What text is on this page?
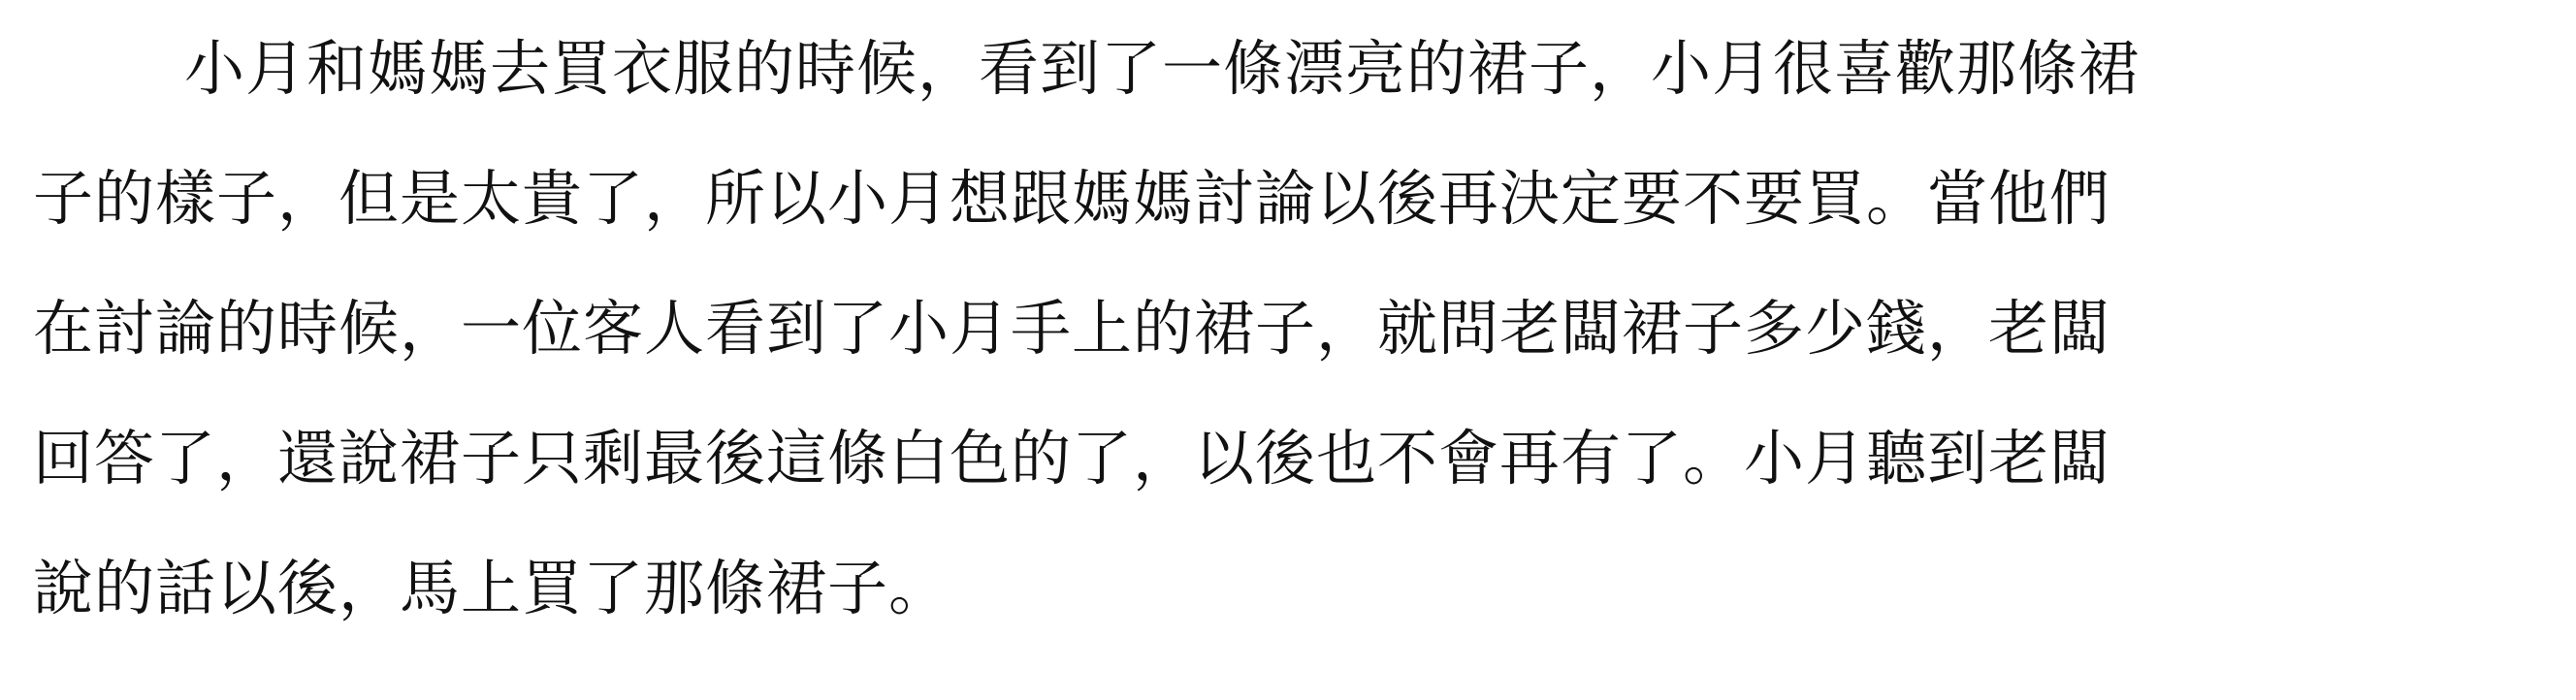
小月和媽媽去買衣服的時候，看到了一條漂亮的裙子，小月很喜歡那條裙
子的樣子，但是太貴了，所以小月想跟媽媽討論以後再決定要不要買。當他們
在討論的時候，一位客人看到了小月手上的裙子，就問老闆裙子多少錢，老闆
回答了，還說裙子只剩最後這條白色的了，以後也不會再有了。小月聽到老闆
說的話以後，馬上買了那條裙子。
